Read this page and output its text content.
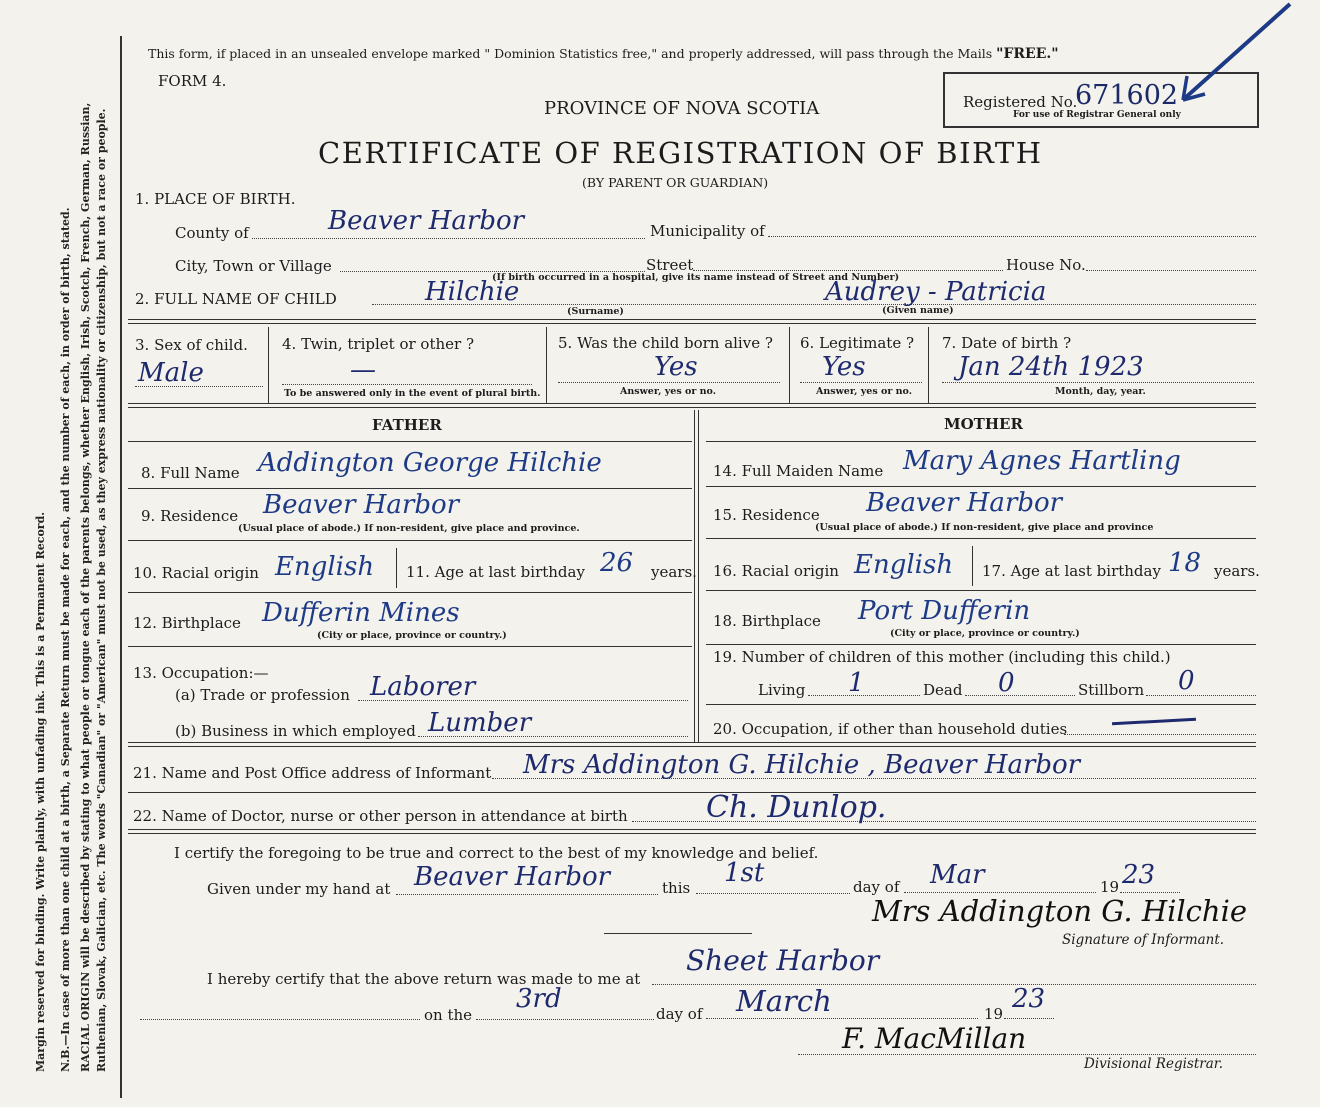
Margin reserved for binding. Write plainly, with unfading ink. This is a Permanent Record. N.B.—In case of more than one child at a birth, a Separate Return must be made for each, and the number of each, in order of birth, stated. RACIAL ORIGIN will be described by stating to what people or tongue each of the parents belongs, whether English, Irish, Scotch, French, German, Russian, Ruthenian, Slovak, Galician, etc. The words "Canadian" or "American" must not be used, as they express nationality or citizenship, but not a race or people.
This form, if placed in an unsealed envelope marked " Dominion Statistics free," and properly addressed, will pass through the Mails "FREE."
FORM 4.
PROVINCE OF NOVA SCOTIA	Registered No.
671602
For use of Registrar General only
CERTIFICATE OF REGISTRATION OF BIRTH
(BY PARENT OR GUARDIAN)
1. PLACE OF BIRTH.
County of	Beaver Harbor	Municipality of
City, Town or Village	Street	House No.
(If birth occurred in a hospital, give its name instead of Street and Number)
2. FULL NAME OF CHILD	Hilchie
(Surname)
Audrey - Patricia
(Given name)
3. Sex of child.
Male
4. Twin, triplet or other ?
—
To be answered only in the event of plural birth.
5. Was the child born alive ?
Yes
Answer, yes or no.
6. Legitimate ?
Yes
Answer, yes or no.
7. Date of birth ?
Jan 24th 1923
Month, day, year.
FATHER	MOTHER
8. Full Name Addington George Hilchie	14. Full Maiden Name Mary Agnes Hartling
9. Residence Beaver Harbor
(Usual place of abode.) If non-resident, give place and province.
15. Residence Beaver Harbor
(Usual place of abode.) If non-resident, give place and province
10. Racial origin English 11. Age at last birthday 26 years. 16. Racial origin English 17. Age at last birthday 18 years.
12. Birthplace Dufferin Mines
(City or place, province or country.)
18. Birthplace Port Dufferin
(City or place, province or country.)
13. Occupation:—
(a) Trade or profession Laborer
(b) Business in which employed Lumber
19. Number of children of this mother (including this child.)
Living 1	Dead 0	Stillborn 0
20. Occupation, if other than household duties
21. Name and Post Office address of Informant Mrs Addington G. Hilchie , Beaver Harbor
22. Name of Doctor, nurse or other person in attendance at birth	Ch. Dunlop.
I certify the foregoing to be true and correct to the best of my knowledge and belief.
Given under my hand at Beaver Harbor	this 1st	day of Mar	19 23
Mrs Addington G. Hilchie
Signature of Informant.
I hereby certify that the above return was made to me at
Sheet Harbor
on the
3rd	day of March	19 23
F. MacMillan
Divisional Registrar.
